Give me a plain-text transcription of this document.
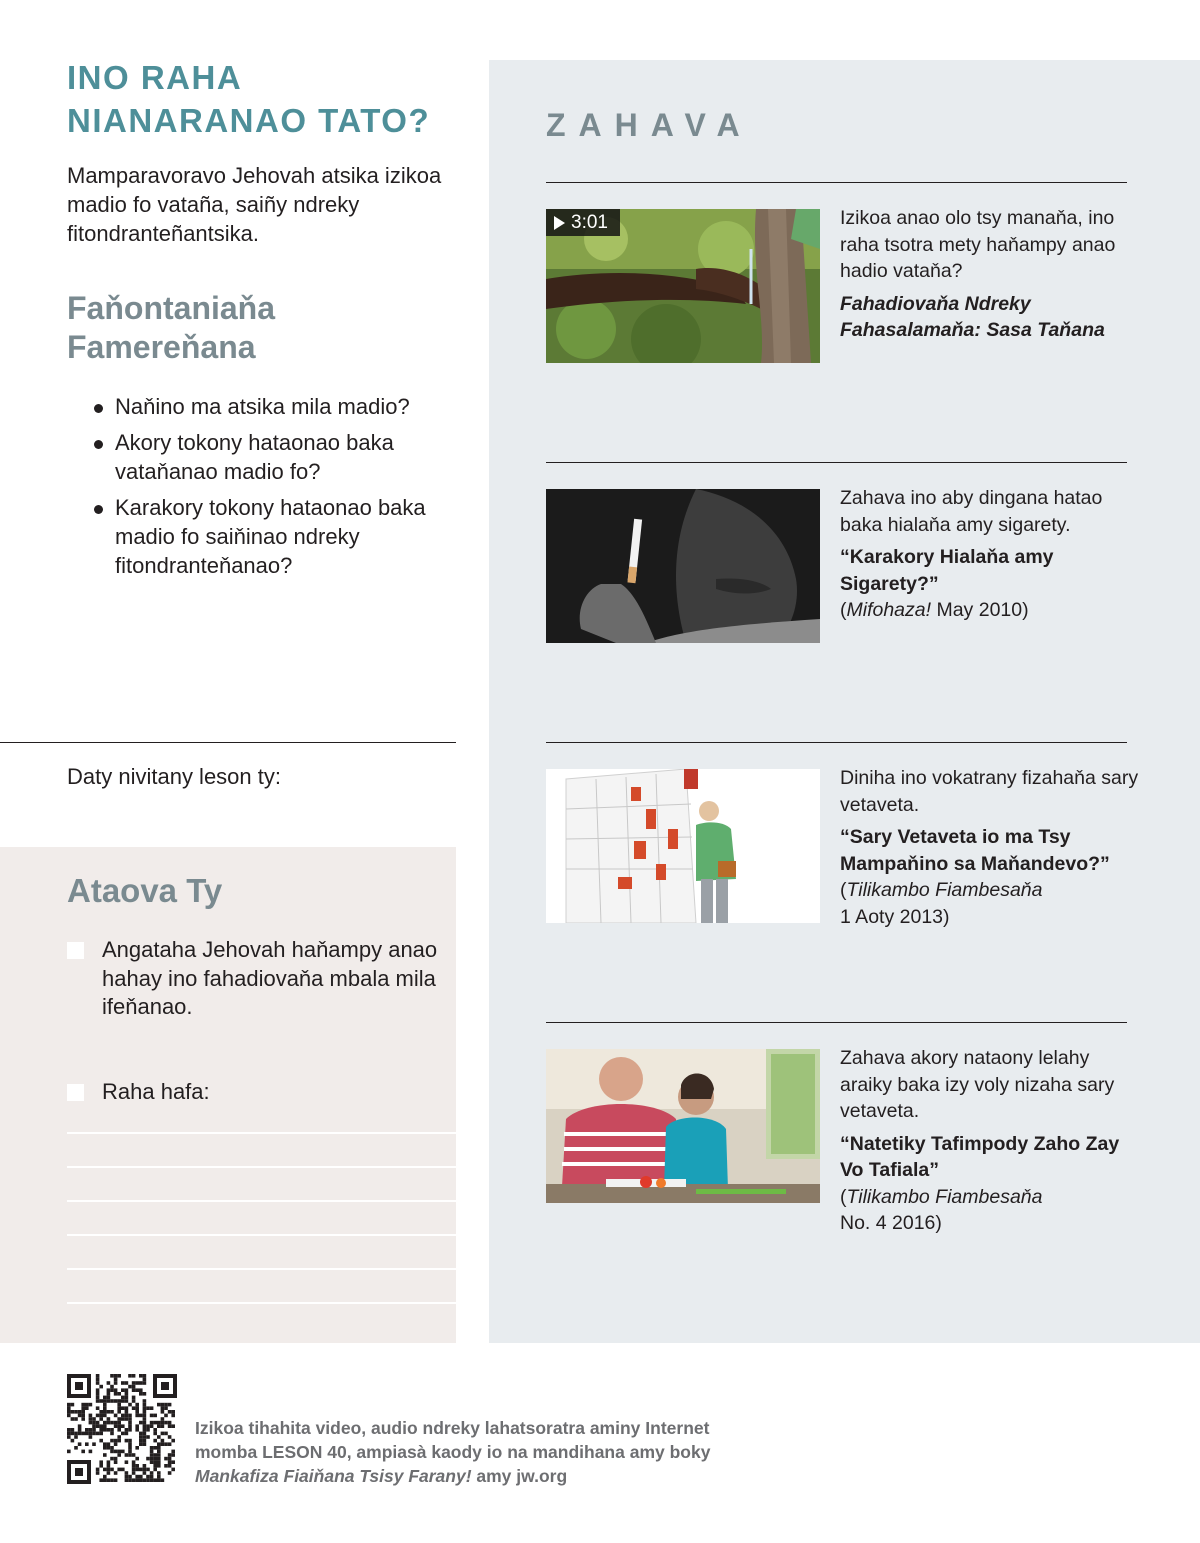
INO RAHA
NIANARANAO TATO?

Mamparavoravo Jehovah atsika izikoa madio fo vataña, saiñy ndreky fitondranteñantsika.

Faňontaniaňa
Famereňana
Naňino ma atsika mila madio?
Akory tokony hataonao baka vataňanao madio fo?
Karakory tokony hataonao baka madio fo saiňinao ndreky fitondranteňanao?
Daty nivitany leson ty:
Ataova Ty
Angataha Jehovah haňampy anao hahay ino fahadiovaňa mbala mila ifeňanao.
Raha hafa:
ZAHAVA
3:01	Izikoa anao olo tsy manaňa, ino raha tsotra mety haňampy anao hadio vataňa?

Fahadiovaňa Ndreky Fahasalamaňa: Sasa Taňana

Zahava ino aby dingana hatao baka hialaňa amy sigarety.

“Karakory Hialaňa amy Sigarety?”

(Mifohaza! May 2010)

Diniha ino vokatrany fizahaňa sary vetaveta.

“Sary Vetaveta io ma Tsy Mampaňino sa Maňandevo?”

(Tilikambo Fiambesaňa
1 Aoty 2013)

Zahava akory nataony lelahy araiky baka izy voly nizaha sary vetaveta.

“Natetiky Tafimpody Zaho Zay Vo Tafiala”

(Tilikambo Fiambesaňa
No. 4 2016)

Izikoa tihahita video, audio ndreky lahatsoratra aminy Internet

momba LESON 40, ampiasà kaody io na mandihana amy boky

Mankafiza Fiaiňana Tsisy Farany! amy jw.org
